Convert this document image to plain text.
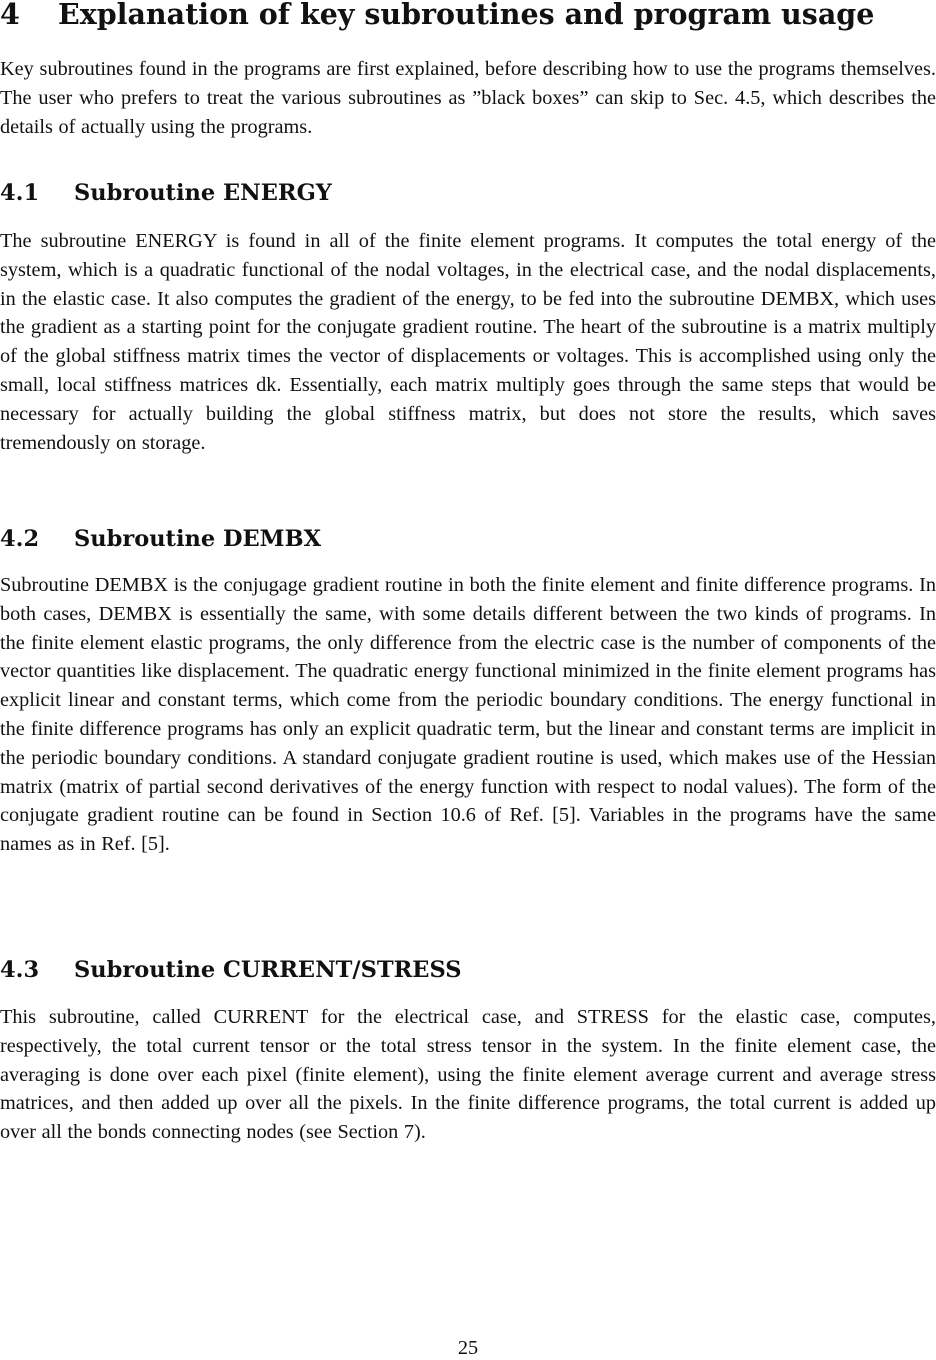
4 Explanation of key subroutines and program usage

Key subroutines found in the programs are first explained, before describing how to use the programs themselves. The user who prefers to treat the various subroutines as ”black boxes” can skip to Sec. 4.5, which describes the details of actually using the programs.

4.1 Subroutine ENERGY

The subroutine ENERGY is found in all of the finite element programs. It computes the total energy of the system, which is a quadratic functional of the nodal voltages, in the electrical case, and the nodal displacements, in the elastic case. It also computes the gradient of the energy, to be fed into the subroutine DEMBX, which uses the gradient as a starting point for the conjugate gradient routine. The heart of the subroutine is a matrix multiply of the global stiffness matrix times the vector of displacements or voltages. This is accomplished using only the small, local stiffness matrices dk. Essentially, each matrix multiply goes through the same steps that would be necessary for actually building the global stiffness matrix, but does not store the results, which saves tremendously on storage.

4.2 Subroutine DEMBX

Subroutine DEMBX is the conjugage gradient routine in both the finite element and finite difference programs. In both cases, DEMBX is essentially the same, with some details different between the two kinds of programs. In the finite element elastic programs, the only difference from the electric case is the number of components of the vector quantities like displacement. The quadratic energy functional minimized in the finite element programs has explicit linear and constant terms, which come from the periodic boundary conditions. The energy functional in the finite difference programs has only an explicit quadratic term, but the linear and constant terms are implicit in the periodic boundary conditions. A standard conjugate gradient routine is used, which makes use of the Hessian matrix (matrix of partial second derivatives of the energy function with respect to nodal values). The form of the conjugate gradient routine can be found in Section 10.6 of Ref. [5]. Variables in the programs have the same names as in Ref. [5].

4.3 Subroutine CURRENT/STRESS

This subroutine, called CURRENT for the electrical case, and STRESS for the elastic case, computes, respectively, the total current tensor or the total stress tensor in the system. In the finite element case, the averaging is done over each pixel (finite element), using the finite element average current and average stress matrices, and then added up over all the pixels. In the finite difference programs, the total current is added up over all the bonds connecting nodes (see Section 7).

25
